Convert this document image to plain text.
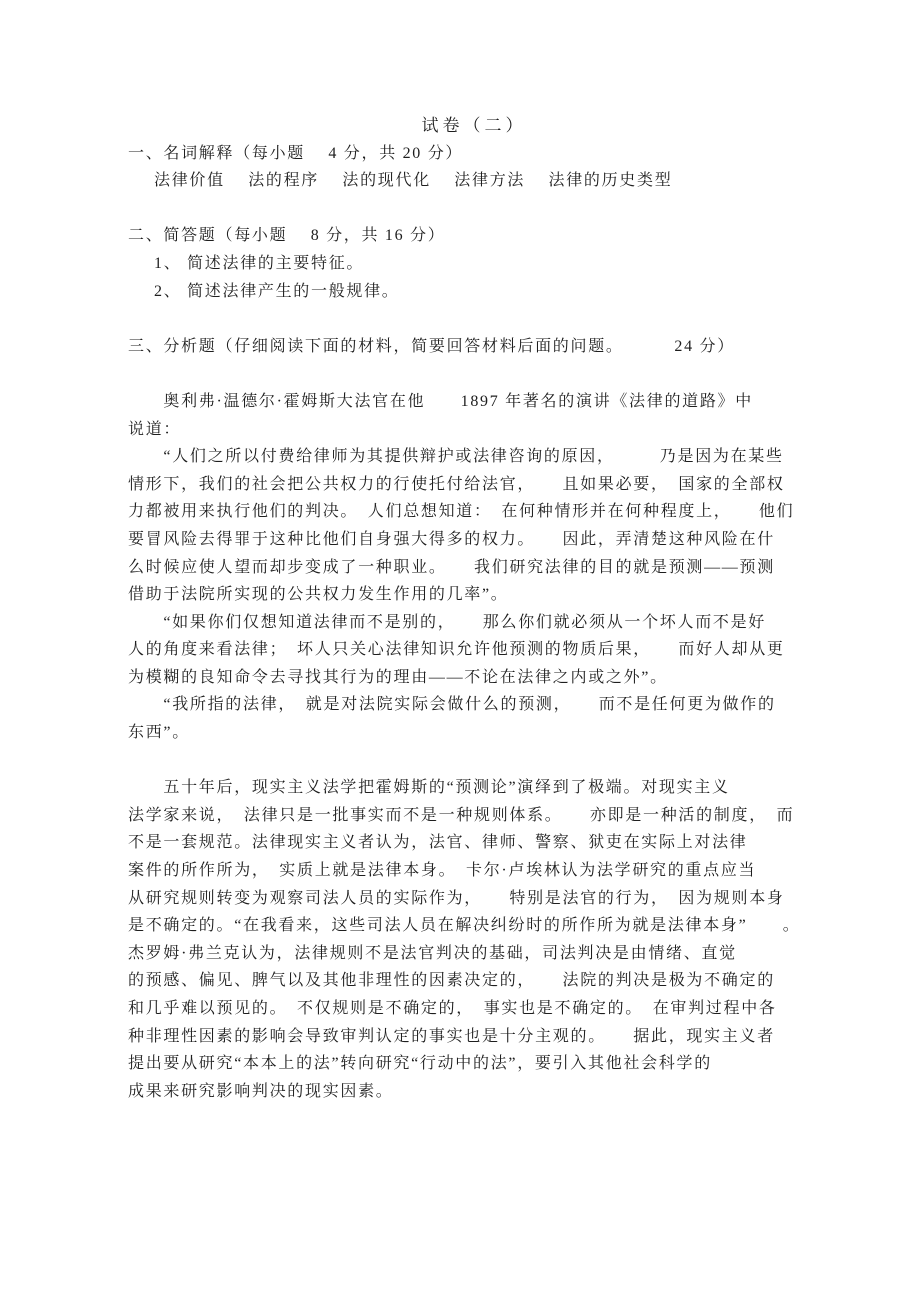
试卷（二）
一、名词解释（每小题　 4 分，共 20 分）
法律价值　 法的程序　 法的现代化　 法律方法　 法律的历史类型
二、简答题（每小题　 8 分，共 16 分）
1、 简述法律的主要特征。
2、 简述法律产生的一般规律。
三、分析题（仔细阅读下面的材料，简要回答材料后面的问题。　　　 24 分）
　　奥利弗·温德尔·霍姆斯大法官在他　　1897 年著名的演讲《法律的道路》中
说道：
　　“人们之所以付费给律师为其提供辩护或法律咨询的原因，　　　乃是因为在某些
情形下，我们的社会把公共权力的行使托付给法官，　　且如果必要，　国家的全部权
力都被用来执行他们的判决。　人们总想知道：　在何种情形并在何种程度上，　　他们
要冒风险去得罪于这种比他们自身强大得多的权力。　　因此，弄清楚这种风险在什
么时候应使人望而却步变成了一种职业。　　我们研究法律的目的就是预测——预测
借助于法院所实现的公共权力发生作用的几率”。
　　“如果你们仅想知道法律而不是别的，　　那么你们就必须从一个坏人而不是好
人的角度来看法律；　坏人只关心法律知识允许他预测的物质后果，　　而好人却从更
为模糊的良知命令去寻找其行为的理由——不论在法律之内或之外”。
　　“我所指的法律，　就是对法院实际会做什么的预测，　　而不是任何更为做作的
东西”。
　　五十年后，现实主义法学把霍姆斯的“预测论”演绎到了极端。对现实主义
法学家来说，　法律只是一批事实而不是一种规则体系。　　亦即是一种活的制度，　而
不是一套规范。法律现实主义者认为，法官、律师、警察、狱吏在实际上对法律
案件的所作所为，　实质上就是法律本身。　卡尔·卢埃林认为法学研究的重点应当
从研究规则转变为观察司法人员的实际作为，　　特别是法官的行为，　因为规则本身
是不确定的。“在我看来，这些司法人员在解决纠纷时的所作所为就是法律本身”　　。
杰罗姆·弗兰克认为，法律规则不是法官判决的基础，司法判决是由情绪、直觉
的预感、偏见、脾气以及其他非理性的因素决定的，　　法院的判决是极为不确定的
和几乎难以预见的。　不仅规则是不确定的，　事实也是不确定的。　在审判过程中各
种非理性因素的影响会导致审判认定的事实也是十分主观的。　　据此，现实主义者
提出要从研究“本本上的法”转向研究“行动中的法”，要引入其他社会科学的
成果来研究影响判决的现实因素。
